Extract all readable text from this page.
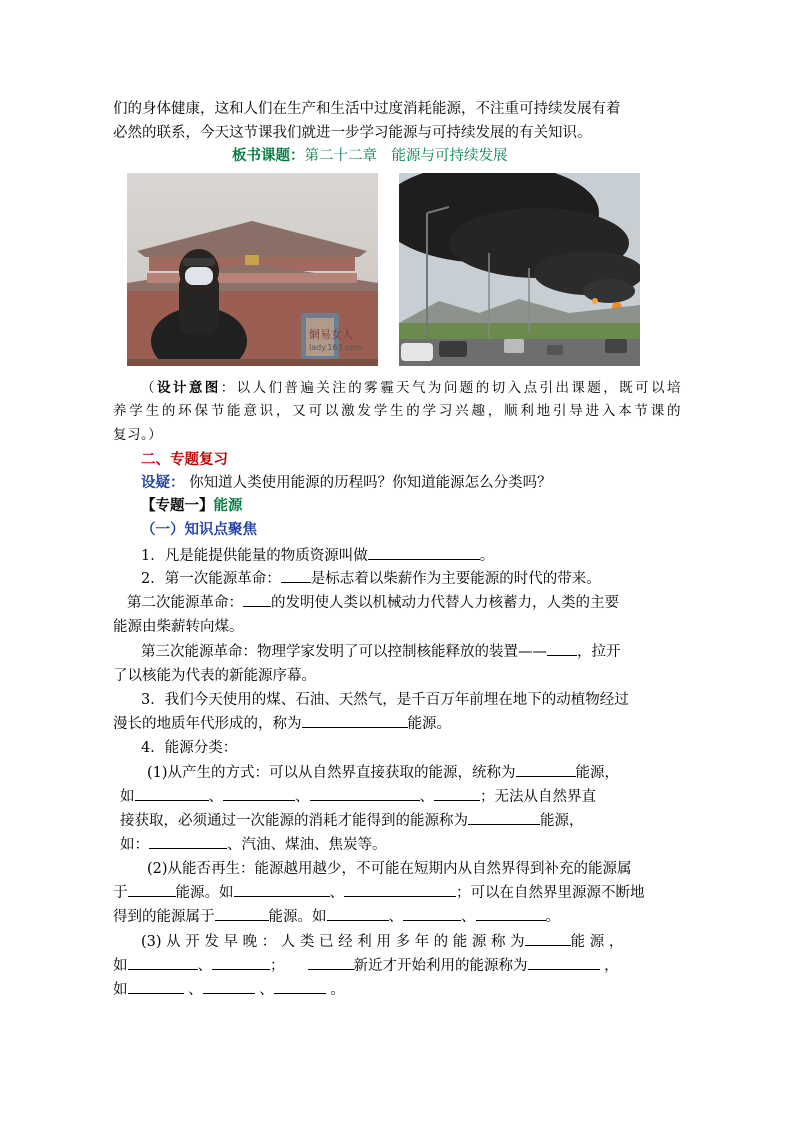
们的身体健康，这和人们在生产和生活中过度消耗能源，不注重可持续发展有着
必然的联系，今天这节课我们就进一步学习能源与可持续发展的有关知识。
板书课题：第二十二章　能源与可持续发展
網易女人
lady.163.com
（设计意图：以人们普遍关注的雾霾天气为问题的切入点引出课题，既可以培
养学生的环保节能意识，又可以激发学生的学习兴趣，顺利地引导进入本节课的
复习。）
二、专题复习
设疑： 你知道人类使用能源的历程吗？你知道能源怎么分类吗？
【专题一】能源
（一）知识点聚焦
1．凡是能提供能量的物质资源叫做	。
2．第一次能源革命： 是标志着以柴薪作为主要能源的时代的带来。
第二次能源革命： 的发明使人类以机械动力代替人力核蓄力，人类的主要
能源由柴薪转向煤。
第三次能源革命：物理学家发明了可以控制核能释放的装置—— ，拉开
了以核能为代表的新能源序幕。
3．我们今天使用的煤、石油、天然气，是千百万年前埋在地下的动植物经过
漫长的地质年代形成的，称为	能源。
4．能源分类：
(1)从产生的方式：可以从自然界直接获取的能源，统称为	能源，
如	、	、	、	；无法从自然界直
接获取，必须通过一次能源的消耗才能得到的能源称为	能源，
如：	、汽油、煤油、焦炭等。
(2)从能否再生：能源越用越少，不可能在短期内从自然界得到补充的能源属
于	能源。如	、	；可以在自然界里源源不断地
得到的能源属于	能源。如	、	、	。
(3) 从 开 发 早 晚 ： 人 类 已 经 利 用 多 年 的 能 源 称 为	能 源 ，
如	、	；	新近才开始利用的能源称为	，
如	、	、	。
